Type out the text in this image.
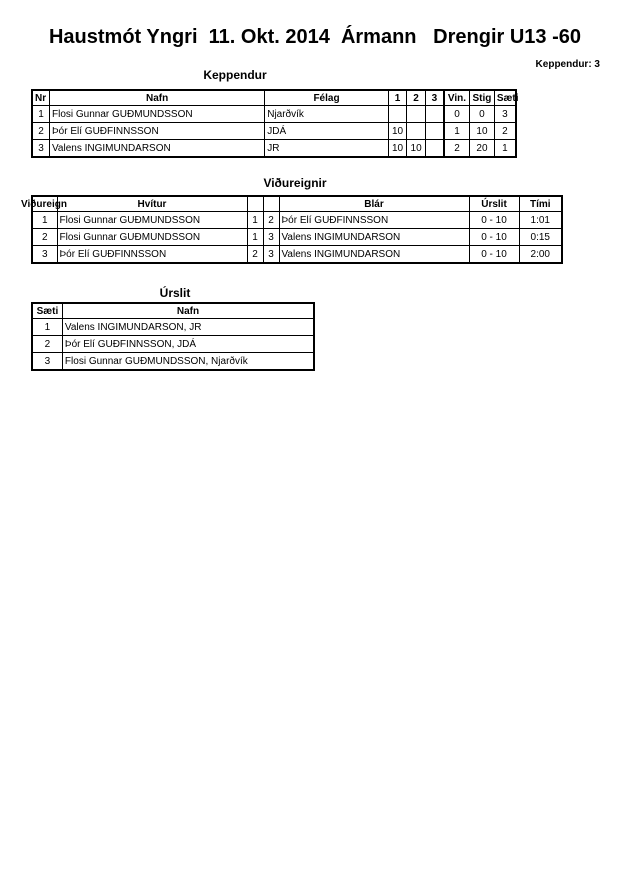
Haustmót Yngri  11. Okt. 2014  Ármann   Drengir U13 -60
Keppendur: 3
Keppendur
Nr	Nafn	Félag	1	2	3	Vin.	Stig	Sæti
1	Flosi Gunnar GUÐMUNDSSON	Njarðvík				0	0	3
2	Þór Elí GUÐFINNSSON	JDÁ	10			1	10	2
3	Valens INGIMUNDARSON	JR	10	10		2	20	1
Viðureignir
Viðureign	Hvítur			Blár	Úrslit	Tími
1	Flosi Gunnar GUÐMUNDSSON	1	2	Þór Elí GUÐFINNSSON	0 - 10	1:01
2	Flosi Gunnar GUÐMUNDSSON	1	3	Valens INGIMUNDARSON	0 - 10	0:15
3	Þór Elí GUÐFINNSSON	2	3	Valens INGIMUNDARSON	0 - 10	2:00
Úrslit
Sæti	Nafn
1	Valens INGIMUNDARSON, JR
2	Þór Elí GUÐFINNSSON, JDÁ
3	Flosi Gunnar GUÐMUNDSSON, Njarðvík
